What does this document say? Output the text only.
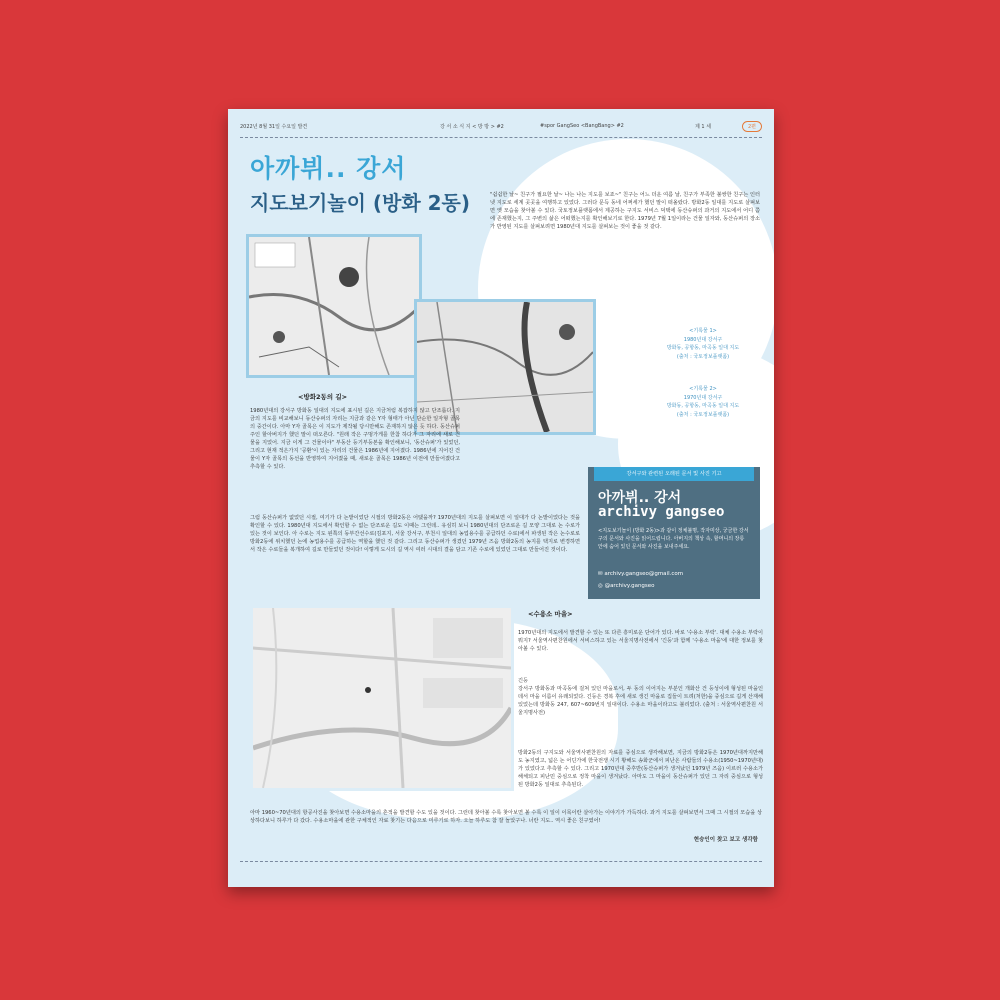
2022년 8월 31일 수요일 발견	강 서 소 식 지 < 방 방 > #2	#spor GangSeo <BangBang> #2	제 1 세	2편
아까뷔.. 강서
지도보기놀이 (방화 2동)	"쉼쉼한 날~ 친구가 필요한 날~ 나는 나는 지도를 보죠~" 친구는 어느 더운 여름 날, 친구가 부족한 불쌍한 친구는 인터넷 지도로 세계 곳곳을 여행하고 있었다. 그러다 문득 동네 어쩌세가 했던 말이 떠올랐다. 방화2동 일대를 지도로 살펴보면 옛 모습을 찾아볼 수 있다. 국토정보플랫폼에서 제공하는 구지도 서비스 덕택에 동산슈퍼의 과거의 지도에서 어디 쯤에 존재했는지, 그 주변의 삶은 어떠했는지를 확인해보기로 한다. 1979년 7월 1일이라는 건물 일자와, 동산슈퍼의 장소가 반영된 지도를 살펴보려면 1980년대 지도를 살펴보는 것이 좋을 것 같다.
<기록물 1>
1980년대 강서구
방화동, 공항동, 마곡동 일대 지도
(출처 : 국토정보플랫폼)
<기록물 2>
1970년대 강서구
방화동, 공항동, 마곡동 일대 지도
(출처 : 국토정보플랫폼)
<방화2동의 길>
1980년대의 강서구 방화동 일대의 지도에 표시된 길은 지금처럼 복잡하지 않고 단조롭다. 지금의 지도를 비교해보니 동산슈퍼의 자리는 지금과 같은 Y자 형태가 아닌 단순한 일자형 골목의 중간이다. 아마 Y자 골목은 이 지도가 제작될 당시만해도 존재하지 않은 듯 하다. 동산슈퍼 주인 할아버지가 했던 말이 떠오른다. "원래 작은 구멍가게를 한참 하다가 그 자리에 새로 건물을 지었어. 지금 이게 그 건물이야" 부동산 등기부등본을 확인해보니, '동산슈퍼'가 있었던, 그리고 현재 적은가지 '공환'이 있는 자리의 건물은 1986년에 지어졌다. 1986년에 지어진 건물이 Y자 골목의 동선을 반영하여 지어졌을 때, 새로운 골목은 1986년 이전에 만들어졌다고 추측할 수 있다.
그럼 동산슈퍼가 없었던 시절, 여기가 다 논밭이었단 시절의 방화2동은 어땠을까? 1970년대의 지도를 살펴보면 이 일대가 다 논밭이었다는 것을 확인할 수 있다. 1980년대 지도에서 확인할 수 없는 단조로운 길도 이때는 그런데.. 유심히 보니 1980년대의 단조로운 길 모양 그대로 논 수로가 있는 것이 보인다. 아 수로는 지도 왼쪽의 동부간선수로(김포지, 서울 강서구, 부천시 일대의 농업용수를 공급하던 수로)에서 파생된 작은 논수로로 방화2동에 위치했던 논에 농업용수를 공급하는 역할을 했던 것 같다. 그리고 동산슈퍼가 생겼던 1979년 즈음 방화2동의 농지를 택지로 변경하면서 작은 수로들을 복개하여 길로 만들었던 것이다! 이렇게 도시의 길 역시 여러 시대의 결을 담고 기존 수로에 있었던 그대로 만들어진 것이다.
강서구와 관련된 오래된 문서 및 사진 기고
아까뷔.. 강서
archivy gangseo
<지도보기놀이 (방화 2동)>과 같이 정체불명, 작자미상, 궁금한 강서구의 문서와 사진을 읽어드립니다. 아버지의 책상 속, 할머니의 장롱 안에 숨어 있던 문서와 사진을 보내주세요.
✉ archivy.gangseo@gmail.com
◎ @archivy.gangseo
<수용소 마을>
1970년대의 지도에서 발견할 수 있는 또 다른 흥미로운 단어가 있다. 바로 '수용소 부락'. 대체 수용소 부락이 뭐지? 서울역사편찬원에서 서비스하고 있는 서울지명사전에서 '긴등'과 함께 '수용소 마을'에 대한 정보를 찾아볼 수 있다.
긴등
강서구 방화동과 마곡동에 걸쳐 있던 마을로서, 두 동의 이어지는 부분인 개화산 건 등성이에 형성된 마을인 데서 마을 이름이 유래되었다. 긴등은 경복 후에 새로 생긴 마을로 집들이 트려(처한)을 중심으로 길게 산재해 있었는데 방화동 247, 607~609번지 일대이다. 수용소 마을이라고도 불리었다. (출처 : 서울역사편찬원 서울지명사전)
방화2동의 구지도와 서울역사편찬원의 자료를 중심으로 생각해보면, 지금의 방화2동은 1970년대까지만해도 농지였고, 넓은 논 어딘가에 한국전쟁 시기 황해도 송화군에서 피난온 사람들의 수용소(1950~1970년대)가 있었다고 추측할 수 있다. 그리고 1970년대 중후반(동산슈퍼가 생겨났던 1979년 즈음) 이르러 수용소가 해체되고 피난민 중심으로 정착 마을이 생겨났다. 아마도 그 마을이 동산슈퍼가 있던 그 자리 중심으로 형성된 방화2동 일대로 추측된다.
아마 1960~70년대의 항공사진을 찾아보면 수용소마을의 흔적을 발견할 수도 있을 것이다. 그런데 찾아볼 수록 찾아보면 볼 수록 이 일이 이목이란 살아가는 이야기가 가득하다. 과거 지도를 살펴보면서 그때 그 시절의 모습을 상상하다보니 하루가 다 갔다. 수용소마을에 관한 구체적인 자료 찾기는 다음으로 미루기로 하자. 오늘 하루도 참 잘 놀았구나. 너란 지도.. 역시 좋은 친구였어!
현승인이 찾고 보고 생각함
